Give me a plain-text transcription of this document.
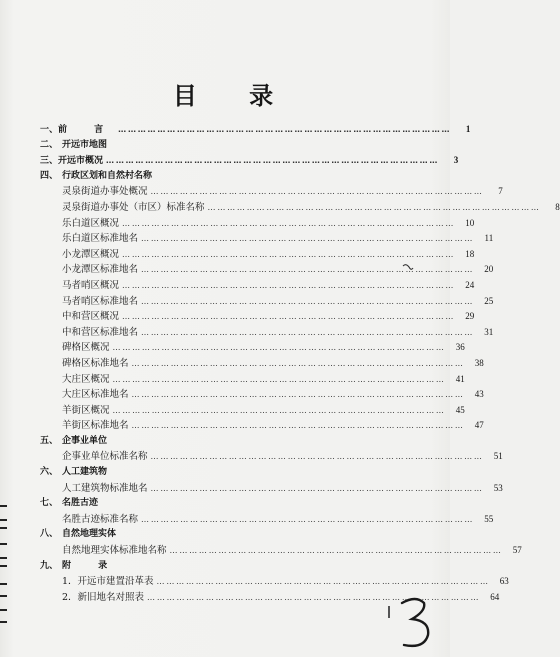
目 录
一、 前 言 …………………………………………………………………………………………	1
二、 开远市地图
三、 开远市概况 …………………………………………………………………………………………	3
四、 行政区划和自然村名称
灵泉街道办事处概况 …………………………………………………………………………………………	7
灵泉街道办事处（市区）标准名称 …………………………………………………………………………………………	8
乐白道区概况 …………………………………………………………………………………………	10
乐白道区标准地名 …………………………………………………………………………………………	11
小龙潭区概况 …………………………………………………………………………………………	18
小龙潭区标准地名 …………………………………………………………………………………………	20
马者哨区概况 …………………………………………………………………………………………	24
马者哨区标准地名 …………………………………………………………………………………………	25
中和营区概况 …………………………………………………………………………………………	29
中和营区标准地名 …………………………………………………………………………………………	31
碑格区概况 …………………………………………………………………………………………	36
碑格区标准地名 …………………………………………………………………………………………	38
大庄区概况 …………………………………………………………………………………………	41
大庄区标准地名 …………………………………………………………………………………………	43
羊街区概况 …………………………………………………………………………………………	45
羊街区标准地名 …………………………………………………………………………………………	47
五、 企事业单位
企事业单位标准名称 …………………………………………………………………………………………	51
六、 人工建筑物
人工建筑物标准地名 …………………………………………………………………………………………	53
七、 名胜古迹
名胜古迹标准名称 …………………………………………………………………………………………	55
八、 自然地理实体
自然地理实体标准地名称 …………………………………………………………………………………………	57
九、 附 录
1．开远市建置沿革表 …………………………………………………………………………………………	63
2．新旧地名对照表 …………………………………………………………………………………………	64
